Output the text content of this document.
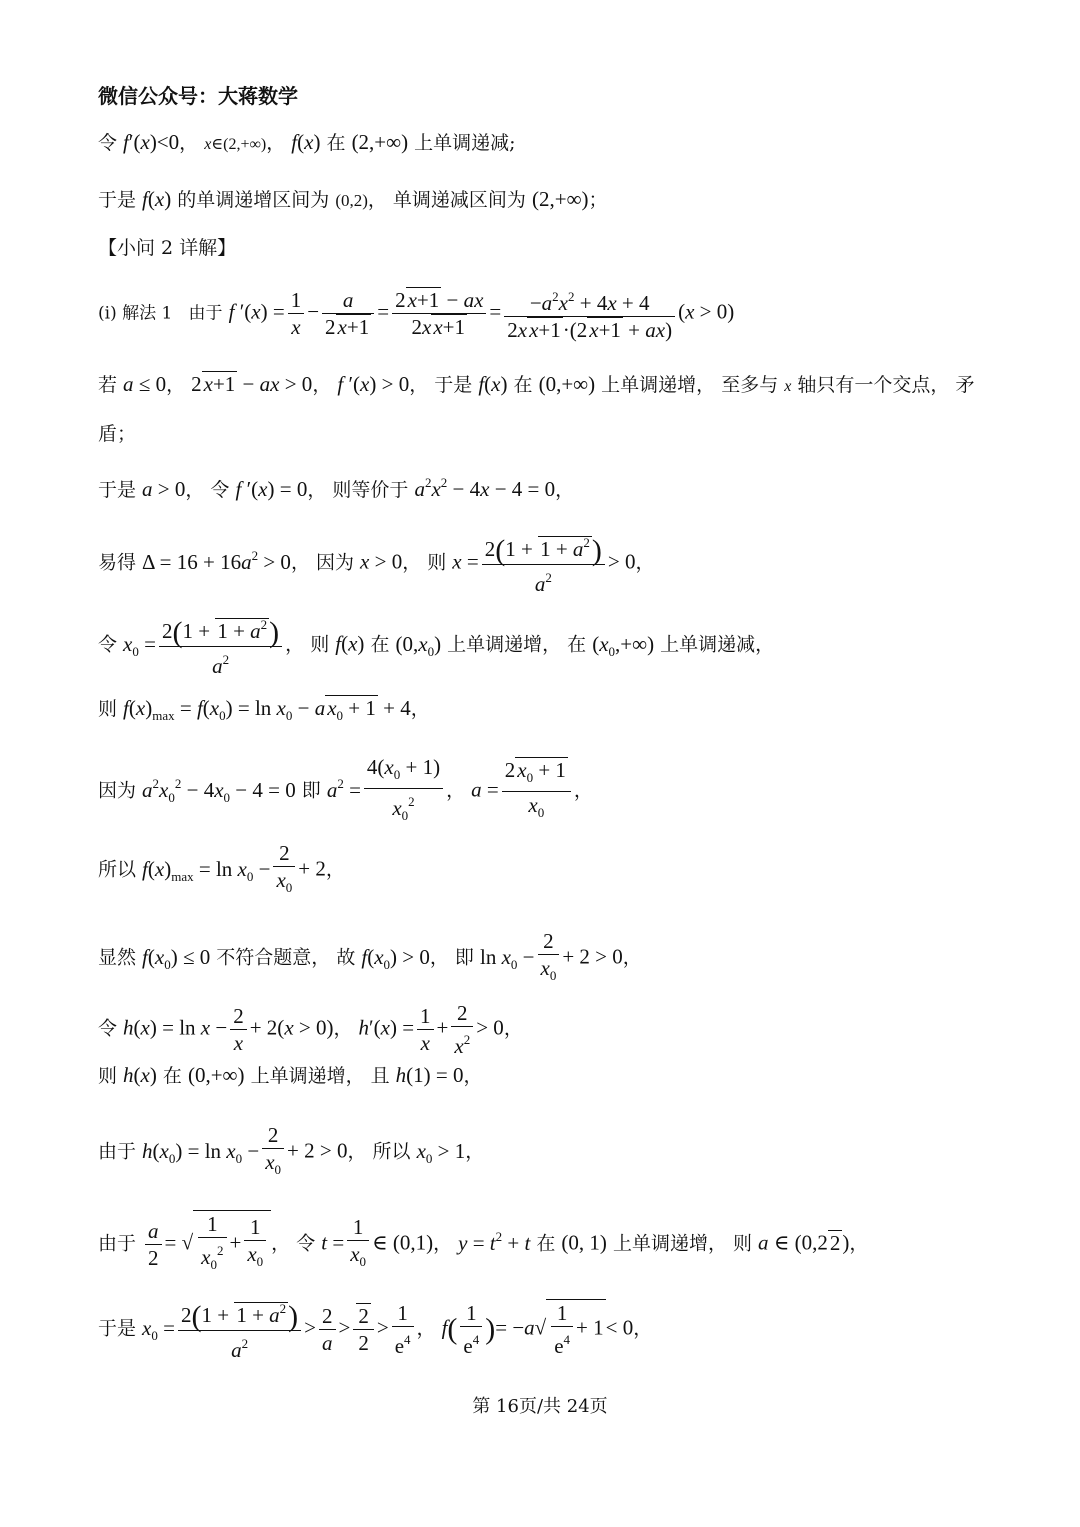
微信公众号：大蒋数学
令 f′(x)<0， x∈(2,+∞)， f(x) 在 (2,+∞) 上单调递减;
于是 f(x) 的单调递增区间为 (0,2)， 单调递减区间为 (2,+∞)；
【小问 2 详解】
(i) 解法 1   由于 f $'(x) = \frac{1}{x} - \frac{a}{2x+1} = \frac{2x+1 - ax}{2xx+1} = \frac{-a^2x^2 + 4x + 4}{2xx+1\cdot(2x+1 + ax)} (x > 0)$
若 a ≤ 0， 2x+1 − ax > 0， f ′(x) > 0， 于是 f(x) 在 (0,+∞) 上单调递增， 至多与 x 轴只有一个交点， 矛
盾；
于是 a > 0， 令 f ′(x) = 0， 则等价于 $a^2x^2 - 4x - 4 = 0$，
易得 $\Delta = 16 + 16a^2 > 0$， 因为 x > 0， 则 $x = \frac{2(1 + 1 + a^2)}{a^2} > 0$，
令 $x_0 = \frac{2(1 + 1 + a^2)}{a^2}$ ， 则 f(x) 在 $(0,x_0)$ 上单调递增， 在 $(x_0,+\infty)$ 上单调递减，
则 $f(x)_{max} = f(x_0) = \ln x_0 - ax_0 + 1 + 4$，
因为 $a^2x_0^2 - 4x_0 - 4 = 0$ 即 $a^2 = \frac{4(x_0 + 1)}{x_0^2}$ ， $a = \frac{2x_0 + 1}{x_0}$ ，
所以 $f(x)_{max} = \ln x_0 - \frac{2}{x_0} + 2$，
显然 $f(x_0) \le 0$ 不符合题意， 故 $f(x_0) > 0$， 即 $\ln x_0 - \frac{2}{x_0} + 2 > 0$，
令 $h(x) = \ln x - \frac{2}{x} + 2(x > 0)$， $h'(x) = \frac{1}{x} + \frac{2}{x^2} > 0$，
则 h(x) 在 (0,+∞) 上单调递增， 且 h(1) = 0，
由于 $h(x_0) = \ln x_0 - \frac{2}{x_0} + 2 > 0$， 所以 $x_0 > 1$，
由于 $\frac{a}{2}$ = √ $\frac{1}{x_0^2} + \frac{1}{x_0}$ ， 令 $t = \frac{1}{x_0}$ ∈ (0,1)， $y = t^2 + t$ 在 (0, 1) 上单调递增， 则 a ∈ (0,22)，
于是 $x_0 = \frac{2(1 + 1 + a^2)}{a^2} > \frac{2}{a} > \frac{2}{2} > \frac{1}{e^4}$ ， $f( \frac{1}{e^4}$ )= $-a√ \frac{1}{e^4} + 1< 0$，
第 16页/共 24页
